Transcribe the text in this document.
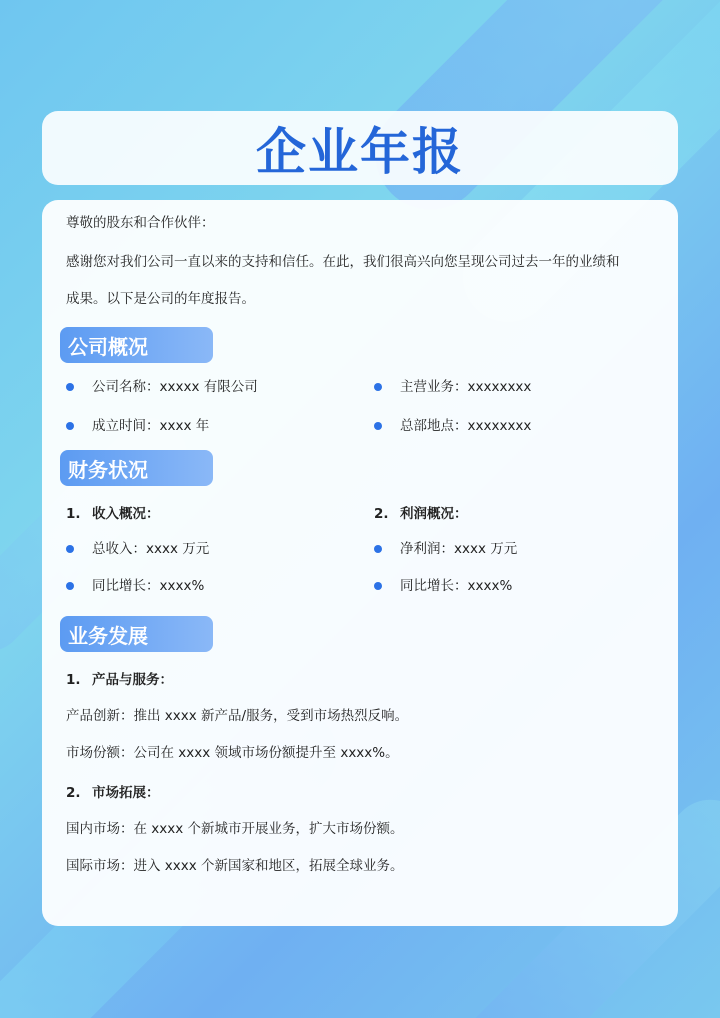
企业年报
尊敬的股东和合作伙伴：
感谢您对我们公司一直以来的支持和信任。在此，我们很高兴向您呈现公司过去一年的业绩和
成果。以下是公司的年度报告。
公司概况
公司名称：xxxxx 有限公司	主营业务：xxxxxxxx
成立时间：xxxx 年	总部地点：xxxxxxxx
财务状况
1. 收入概况：	2. 利润概况：
总收入：xxxx 万元	净利润：xxxx 万元
同比增长：xxxx%	同比增长：xxxx%
业务发展
1. 产品与服务：
产品创新：推出 xxxx 新产品/服务，受到市场热烈反响。
市场份额：公司在 xxxx 领域市场份额提升至 xxxx%。
2. 市场拓展：
国内市场：在 xxxx 个新城市开展业务，扩大市场份额。
国际市场：进入 xxxx 个新国家和地区，拓展全球业务。
